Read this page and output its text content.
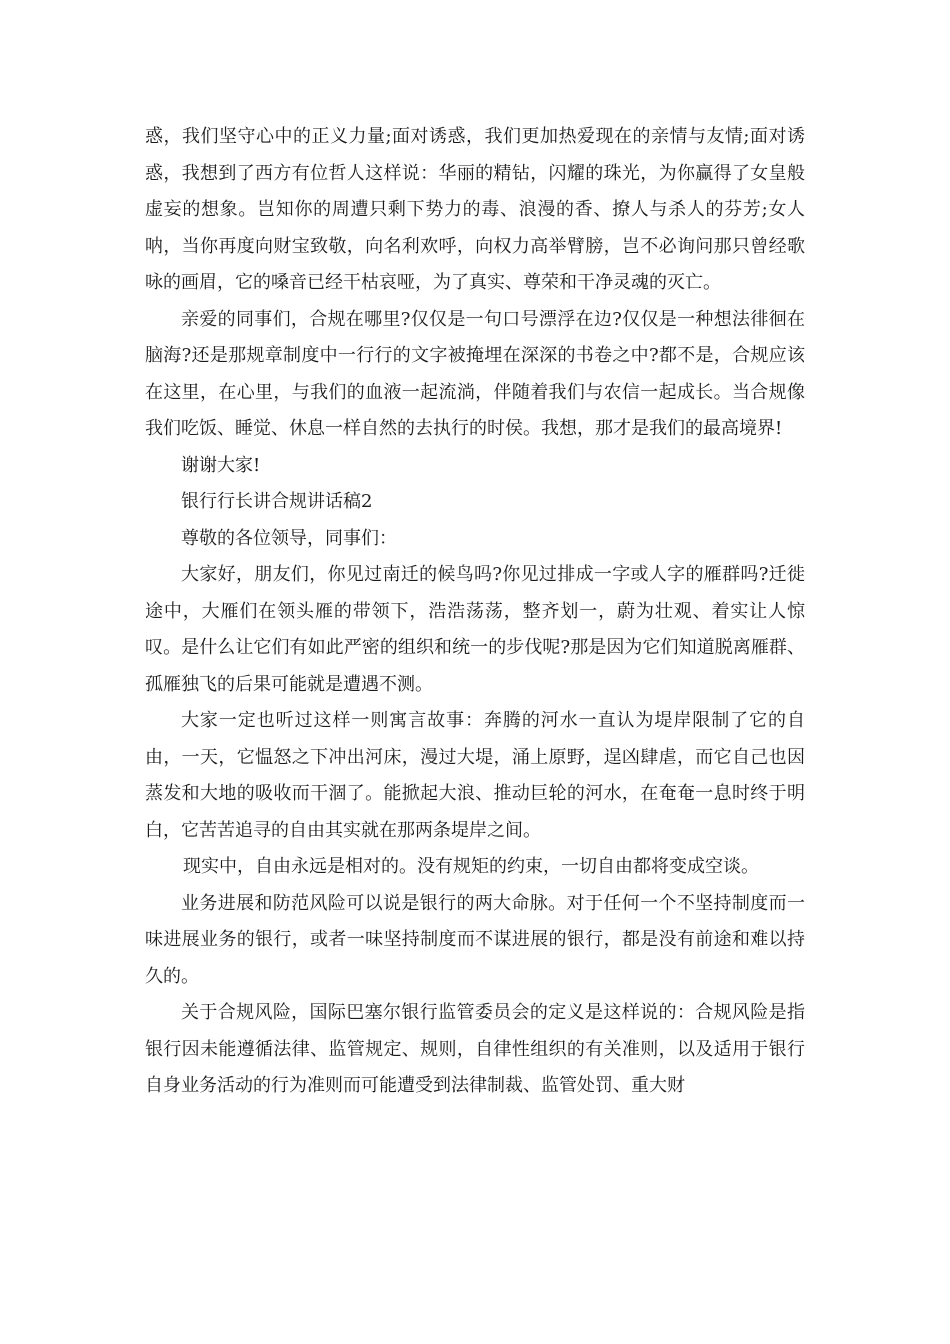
惑，我们坚守心中的正义力量;面对诱惑，我们更加热爱现在的亲情与友情;面对诱惑，我想到了西方有位哲人这样说：华丽的精钻，闪耀的珠光，为你赢得了女皇般虚妄的想象。岂知你的周遭只剩下势力的毒、浪漫的香、撩人与杀人的芬芳;女人呐，当你再度向财宝致敬，向名利欢呼，向权力高举臂膀，岂不必询问那只曾经歌咏的画眉，它的嗓音已经干枯哀哑，为了真实、尊荣和干净灵魂的灭亡。

亲爱的同事们，合规在哪里?仅仅是一句口号漂浮在边?仅仅是一种想法徘徊在脑海?还是那规章制度中一行行的文字被掩埋在深深的书卷之中?都不是，合规应该在这里，在心里，与我们的血液一起流淌，伴随着我们与农信一起成长。当合规像我们吃饭、睡觉、休息一样自然的去执行的时侯。我想，那才是我们的最高境界!

谢谢大家!

银行行长讲合规讲话稿2

尊敬的各位领导，同事们：

大家好，朋友们，你见过南迁的候鸟吗?你见过排成一字或人字的雁群吗?迁徙途中，大雁们在领头雁的带领下，浩浩荡荡，整齐划一，蔚为壮观、着实让人惊叹。是什么让它们有如此严密的组织和统一的步伐呢?那是因为它们知道脱离雁群、孤雁独飞的后果可能就是遭遇不测。

大家一定也听过这样一则寓言故事：奔腾的河水一直认为堤岸限制了它的自由，一天，它愠怒之下冲出河床，漫过大堤，涌上原野，逞凶肆虐，而它自己也因蒸发和大地的吸收而干涸了。能掀起大浪、推动巨轮的河水，在奄奄一息时终于明白，它苦苦追寻的自由其实就在那两条堤岸之间。

现实中，自由永远是相对的。没有规矩的约束，一切自由都将变成空谈。

业务进展和防范风险可以说是银行的两大命脉。对于任何一个不坚持制度而一味进展业务的银行，或者一味坚持制度而不谋进展的银行，都是没有前途和难以持久的。

关于合规风险，国际巴塞尔银行监管委员会的定义是这样说的：合规风险是指银行因未能遵循法律、监管规定、规则，自律性组织的有关准则，以及适用于银行自身业务活动的行为准则而可能遭受到法律制裁、监管处罚、重大财
